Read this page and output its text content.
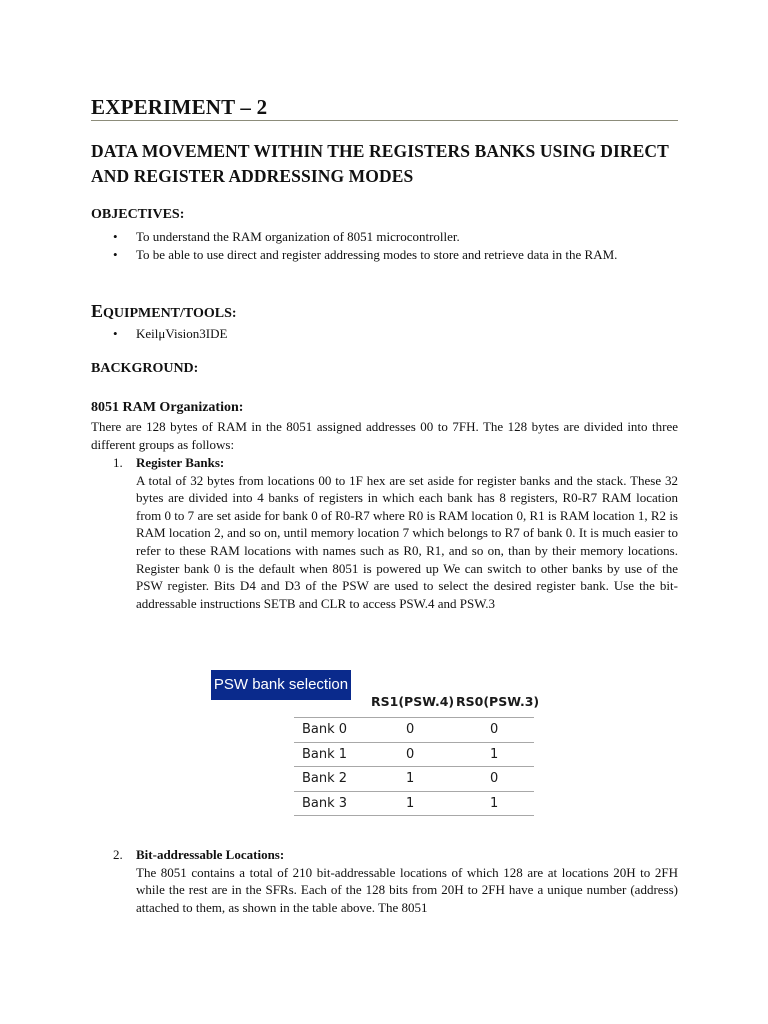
EXPERIMENT – 2
DATA MOVEMENT WITHIN THE REGISTERS BANKS USING DIRECT AND REGISTER ADDRESSING MODES
OBJECTIVES:
• To understand the RAM organization of 8051 microcontroller.
• To be able to use direct and register addressing modes to store and retrieve data in the RAM.
EQUIPMENT/TOOLS:
• KeilμVision3IDE
BACKGROUND:
8051 RAM Organization:
There are 128 bytes of RAM in the 8051 assigned addresses 00 to 7FH. The 128 bytes are divided into three different groups as follows:
1. Register Banks:
A total of 32 bytes from locations 00 to 1F hex are set aside for register banks and the stack. These 32 bytes are divided into 4 banks of registers in which each bank has 8 registers, R0-R7 RAM location from 0 to 7 are set aside for bank 0 of R0-R7 where R0 is RAM location 0, R1 is RAM location 1, R2 is RAM location 2, and so on, until memory location 7 which belongs to R7 of bank 0. It is much easier to refer to these RAM locations with names such as R0, R1, and so on, than by their memory locations. Register bank 0 is the default when 8051 is powered up We can switch to other banks by use of the PSW register. Bits D4 and D3 of the PSW are used to select the desired register bank. Use the bit-addressable instructions SETB and CLR to access PSW.4 and PSW.3
2. Bit-addressable Locations:
The 8051 contains a total of 210 bit-addressable locations of which 128 are at locations 20H to 2FH while the rest are in the SFRs. Each of the 128 bits from 20H to 2FH have a unique number (address) attached to them, as shown in the table above. The 8051
PSW bank selection
RS1(PSW.4) RS0(PSW.3)
Bank 0	0	0
Bank 1	0	1
Bank 2	1	0
Bank 3	1	1
